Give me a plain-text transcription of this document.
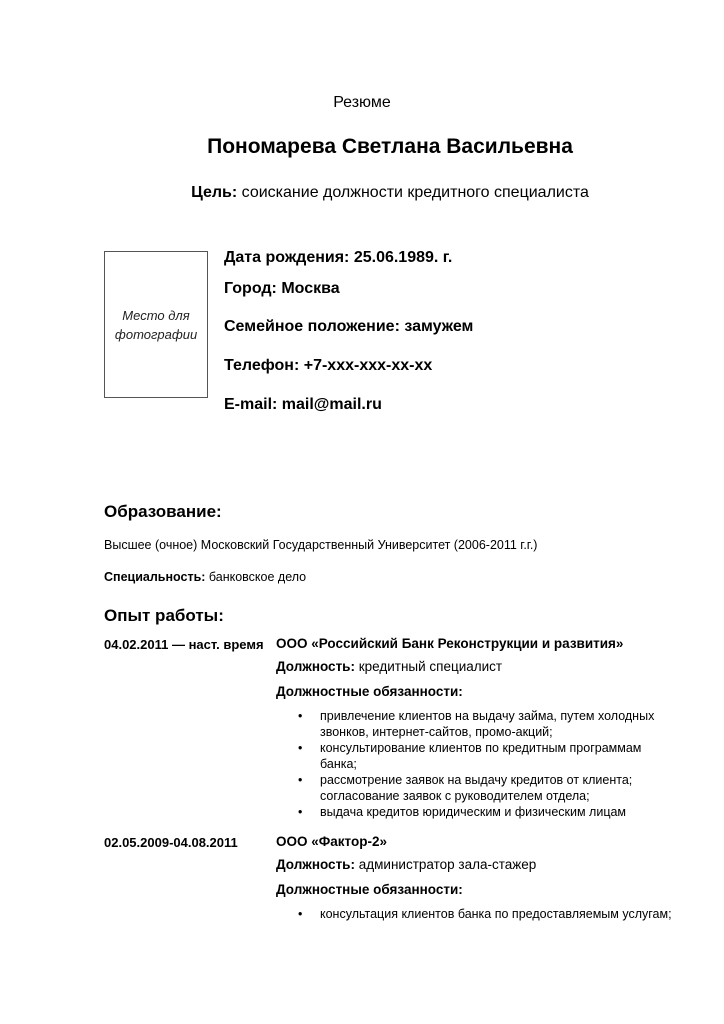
Резюме
Пономарева Светлана Васильевна
Цель: соискание должности кредитного специалиста
Место для
фотографии
Дата рождения: 25.06.1989. г.
Город: Москва
Семейное положение: замужем
Телефон: +7-xxx-xxx-xx-xx
E-mail: mail@mail.ru
Образование:
Высшее (очное) Московский Государственный Университет (2006-2011 г.г.)
Специальность: банковское дело
Опыт работы:
04.02.2011 — наст. время ООО «Российский Банк Реконструкции и развития»
Должность: кредитный специалист
Должностные обязанности:
• привлечение клиентов на выдачу займа, путем холодных звонков, интернет-сайтов, промо-акций;
• консультирование клиентов по кредитным программам банка;
• рассмотрение заявок на выдачу кредитов от клиента; согласование заявок с руководителем отдела;
• выдача кредитов юридическим и физическим лицам
02.05.2009-04.08.2011	ООО «Фактор-2»
Должность: администратор зала-стажер
Должностные обязанности:
• консультация клиентов банка по предоставляемым услугам;
